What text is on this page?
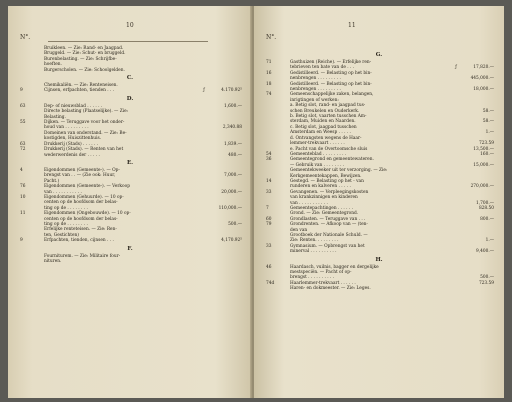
10
N°.
Bruikleen. — Zie: Rand- en Jaagpad.
Bruggeld. — Zie: Schut- en bruggeld.
Burenbelasting. — Zie: Schrijfbe-
hoeften.
Burgerscholen. — Zie: Schoolgelden.
C.
Chemikaliën. — Zie: Renteneisen.
9	Cijnsen, erfpachten, tienden . . .	ƒ	4.170.92⁵
D.
63	Dep- of nieuwsblad . . . . . .	1,600.—
Directe belasting (Plaatselijke). — Zie:
Belasting.
55	Dijken. — Teruggave voor het onder-
houd van . . . . . . . . .	2,340.88
Domeinen van onderstand. — Zie: Be-
kostigden, Huiszittenhuis.
63	Drukkerij (Stads) . . . . . .	1,839.—
72	Drukkerij (Stads). — Renten van het
wederwerdenis der . . . . .	480.—
E.
4	Eigendommen (Gemeente-). — Op-
brengst van . . — (Zie ook: Huur,	7,000.—
Pacht.)
76	Eigendommen (Gemeente-). — Verkoop
van . . . . . . . . . . .	20,000.—
10	Eigendommen (Gehuurde). — 10 op-
centen op de hoofdsom der belas-
ting op de . . . . . . . .	110,000.—
11	Eigendommen (Ongebouwde). — 10 op-
centen op de hoofdsom der belas-
ting op de . . . . . . . .	500.—
Erfelijke renteteisen. — Zie: Ren-
ten, Gestichten)
9	Erfpachten, tienden, cijnsen . . .	4,170.92⁵
F.
Fourniturem. — Zie: Militaire four-
nituren.
11
N°.
G.
71	Gasthuizen (Reiche). — Erfelijke ren-
tebrieven ten bate van de . . .	ƒ	17,820.—
16	Gedistilleerd. — Belasting op het bin-
nenbrengen . . . . . . . . .	445,000.—
18	Gedistilleerd. — Belasting op het bin-
nenbrengen . . . . . . . . .	18,000.—
74	Gemeenschappelijke zaken, belangen,
inrigtingen of werken:
a. Betig slot, rand- en jaagpad tus-
schen Breukelen en Ouderkerk.	58.—
b. Betig slot, vaarten tusschen Am-
sterdam, Muiden en Naarden.	58.—
c. Betig slot, jaagpad tusschen
Amsterdam en Weesp . . . . .	1.—
d. Ontvangsten wegens de Haar-
lemmer-trekvaart . . . . . .	723.59
e. Pacht van de Overtoomsche sluis	13,500.—
54	Gemeenteblad . . . . . . . . .	160.—
36	Gemeentegrond en gemeentewateren.
— Gebruik van . . . . . . . .	15,000.—
Gemeentekweeker uit ter verzorging. — Zie:
Kerkgemeentekappen, Bewijzen.
14	Gestegd. — Belasting op het - van
runderen en kalveren . . . . .	270,000.—
33	Gevangenen. — Verpleegingskosten
van krankzinnigen en kinderen
van . . . . . . . . . . .	1,700.—
7	Gemeentepachtingen . . . . . .	828.50
Grond. — Zie: Gemeentegrond.
60	Grondlasten. — Teruggave van . . .	800.—
79	Grondrenten. — Afkoop van — (ten-
den van
Grootboek der Nationale Schuld. —
Zie: Renten. . . . . . . . .	1.—
33	Gymnasium. — Opbrengst van het
minerval . . . . . . . . . .	9,400.—
H.
46	Haardasch, vuilnis, bagger en dergelijke
mestspeciën. — Pacht of op-
brengst . . . . . . . . . .	500.—
74d	Haarlemmer-trekvaart . . . . . .	723.59
Haren- en dokmeester. — Zie: Leges.
